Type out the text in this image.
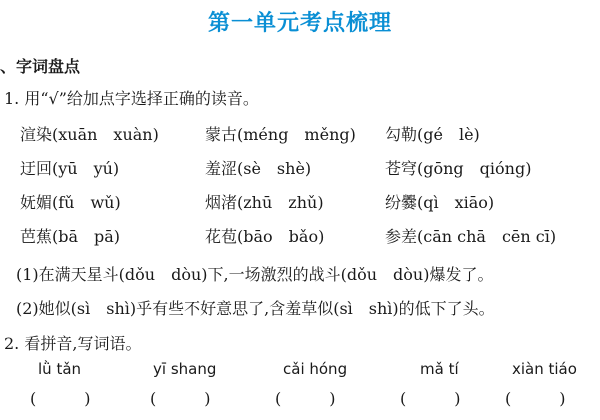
第一单元考点梳理
、字词盘点
1. 用“√”给加点字选择正确的读音。
渲染(xuān　xuàn)	蒙古(méng　měng) 勾勒(gé　lè)
迂回(yū　yú)	羞涩(sè　shè)	苍穹(gōng　qióng)
妩媚(fǔ　wǔ)	烟渚(zhū　zhǔ)	纷爨(qì　xiāo)
芭蕉(bā　pā)	花苞(bāo　bǎo)	参差(cān chā　cēn cī)
(1)在满天星斗(dǒu　dòu)下,一场激烈的战斗(dǒu　dòu)爆发了。
(2)她似(sì　shì)乎有些不好意思了,含羞草似(sì　shì)的低下了头。
2. 看拼音,写词语。
lǜ tǎn	yī shang	cǎi hóng	mǎ tí	xiàn tiáo
(　　　)	(　　　)	(　　　)	(　　　)	(　　　)
